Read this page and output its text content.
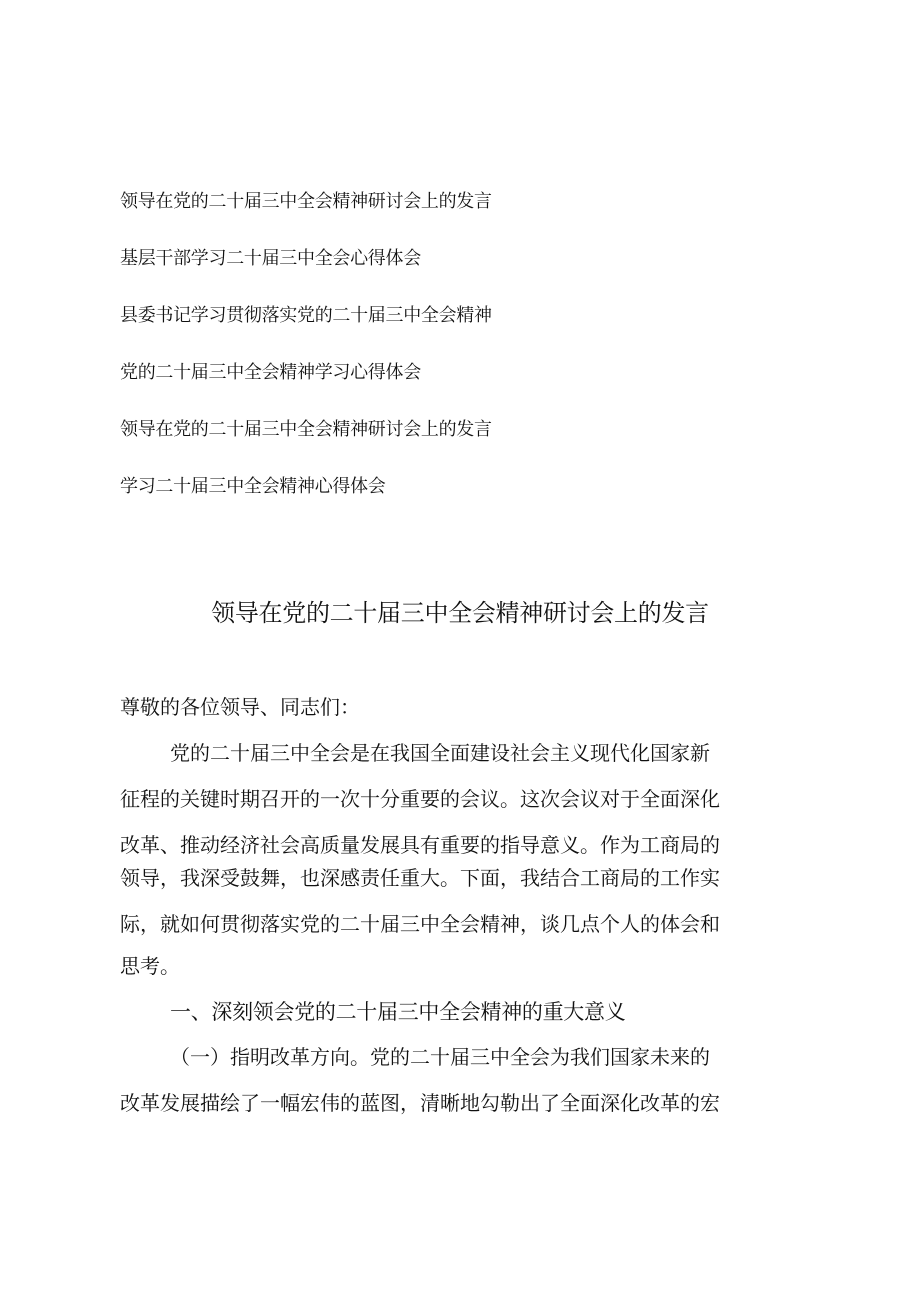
领导在党的二十届三中全会精神研讨会上的发言
基层干部学习二十届三中全会心得体会
县委书记学习贯彻落实党的二十届三中全会精神
党的二十届三中全会精神学习心得体会
领导在党的二十届三中全会精神研讨会上的发言
学习二十届三中全会精神心得体会
领导在党的二十届三中全会精神研讨会上的发言
尊敬的各位领导、同志们：
党的二十届三中全会是在我国全面建设社会主义现代化国家新
征程的关键时期召开的一次十分重要的会议。这次会议对于全面深化
改革、推动经济社会高质量发展具有重要的指导意义。作为工商局的
领导，我深受鼓舞，也深感责任重大。下面，我结合工商局的工作实
际，就如何贯彻落实党的二十届三中全会精神，谈几点个人的体会和
思考。
一、深刻领会党的二十届三中全会精神的重大意义
（一）指明改革方向。党的二十届三中全会为我们国家未来的
改革发展描绘了一幅宏伟的蓝图，清晰地勾勒出了全面深化改革的宏
